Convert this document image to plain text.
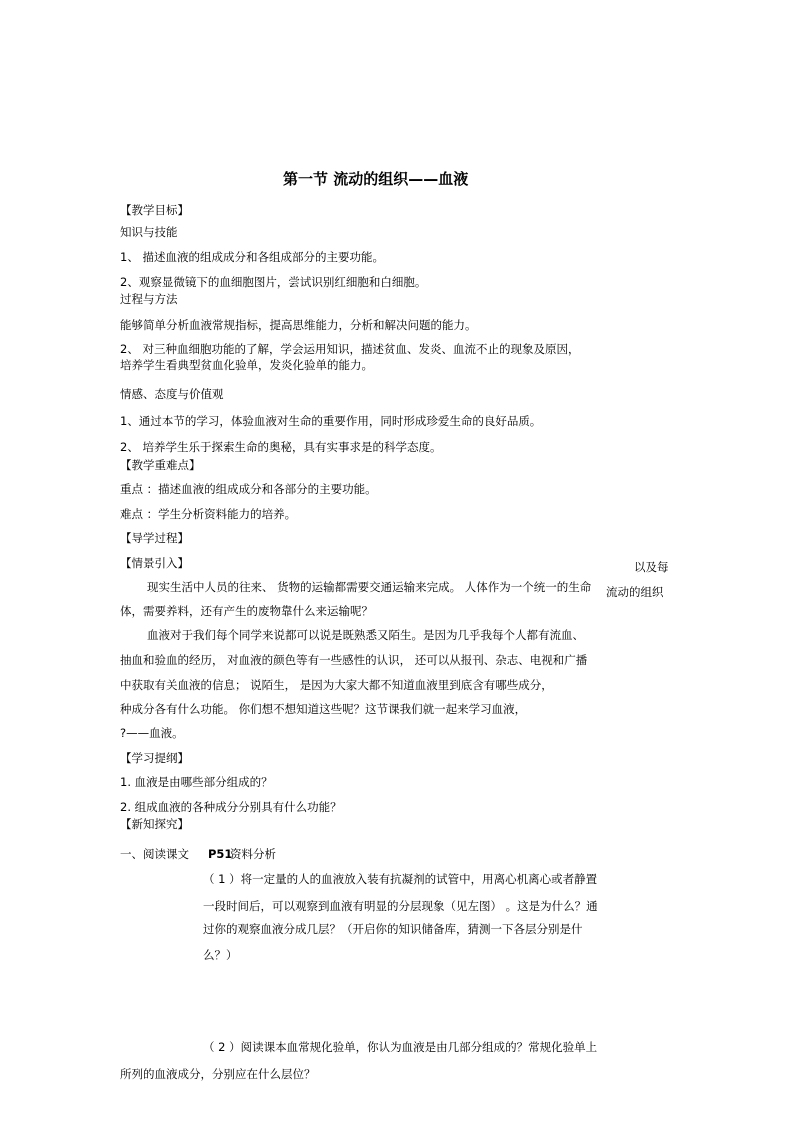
第一节 流动的组织——血液
【教学目标】
知识与技能
1、 描述血液的组成成分和各组成部分的主要功能。
2、观察显微镜下的血细胞图片，尝试识别红细胞和白细胞。
过程与方法
能够简单分析血液常规指标，提高思维能力，分析和解决问题的能力。
2、 对三种血细胞功能的了解，学会运用知识，描述贫血、发炎、血流不止的现象及原因，
培养学生看典型贫血化验单，发炎化验单的能力。
情感、态度与价值观
1、通过本节的学习，体验血液对生命的重要作用，同时形成珍爱生命的良好品质。
2、 培养学生乐于探索生命的奥秘，具有实事求是的科学态度。
【教学重难点】
重点 ：描述血液的组成成分和各部分的主要功能。
难点 ：学生分析资料能力的培养。
【导学过程】
【情景引入】
现实生活中人员的往来、 货物的运输都需要交通运输来完成。 人体作为一个统一的生命
以及每
流动的组织
体，需要养料，还有产生的废物靠什么来运输呢？
血液对于我们每个同学来说都可以说是既熟悉又陌生。是因为几乎我每个人都有流血、
抽血和验血的经历， 对血液的颜色等有一些感性的认识， 还可以从报刊、杂志、电视和广播
中获取有关血液的信息； 说陌生， 是因为大家大都不知道血液里到底含有哪些成分，
种成分各有什么功能。 你们想不想知道这些呢？这节课我们就一起来学习血液，
?——血液。
【学习提纲】
1. 血液是由哪些部分组成的？
2. 组成血液的各种成分分别具有什么功能？
【新知探究】
一、阅读课文 P51
资料分析
（ 1 ）将一定量的人的血液放入装有抗凝剂的试管中，用离心机离心或者静置
一段时间后，可以观察到血液有明显的分层现象（见左图） 。这是为什么？通
过你的观察血液分成几层？（开启你的知识储备库，猜测一下各层分别是什
么？）
（ 2 ）阅读课本血常规化验单，你认为血液是由几部分组成的？常规化验单上
所列的血液成分，分别应在什么层位？
